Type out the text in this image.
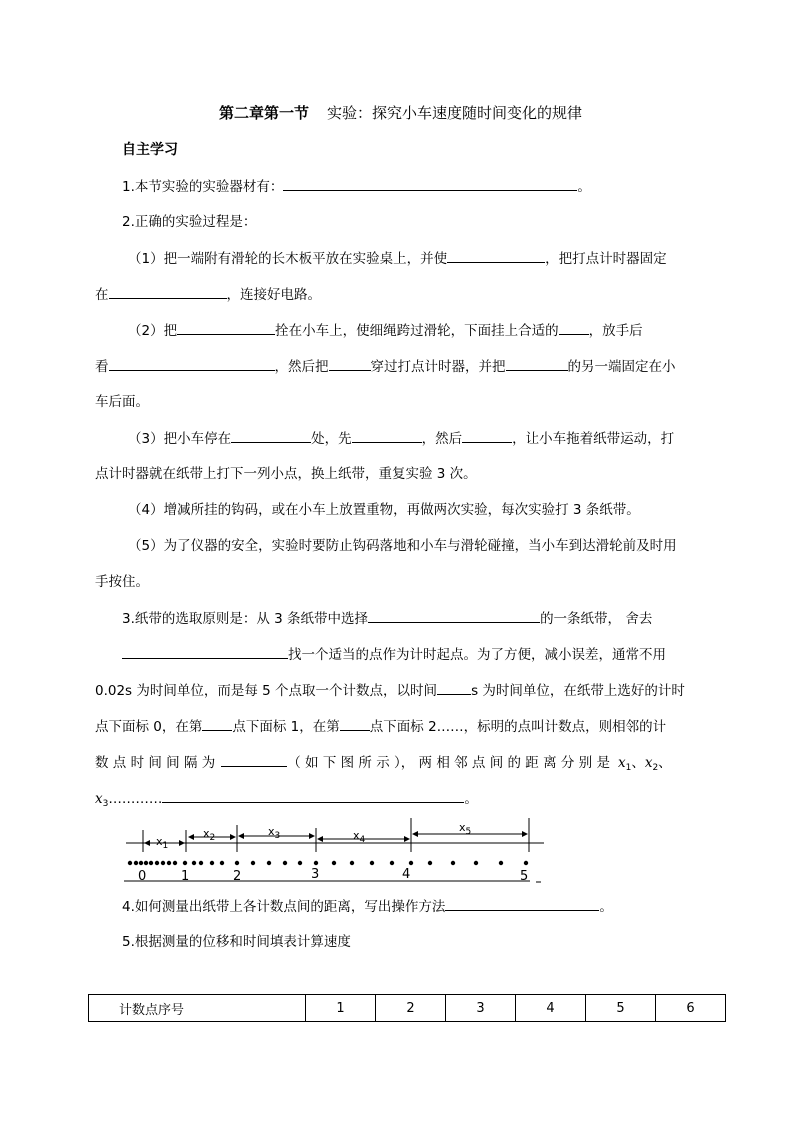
第二章第一节 实验：探究小车速度随时间变化的规律
自主学习
1.本节实验的实验器材有：	。
2.正确的实验过程是：
（1）把一端附有滑轮的长木板平放在实验桌上，并使	，把打点计时器固定
在	，连接好电路。
（2）把	拴在小车上，使细绳跨过滑轮，下面挂上合适的 ，放手后
看	，然后把	穿过打点计时器，并把	的另一端固定在小
车后面。
（3）把小车停在	处，先	，然后	，让小车拖着纸带运动，打
点计时器就在纸带上打下一列小点，换上纸带，重复实验 3 次。
（4）增减所挂的钩码，或在小车上放置重物，再做两次实验，每次实验打 3 条纸带。
（5）为了仪器的安全，实验时要防止钩码落地和小车与滑轮碰撞，当小车到达滑轮前及时用
手按住。
3.纸带的选取原则是：从 3 条纸带中选择	的一条纸带， 舍去
找一个适当的点作为计时起点。为了方便，减小误差，通常不用
0.02s 为时间单位，而是每 5 个点取一个计数点，以时间	s 为时间单位，在纸带上选好的计时
点下面标 0，在第 点下面标 1，在第 点下面标 2……，标明的点叫计数点，则相邻的计
数 点 时 间 间 隔 为	（ 如 下 图 所 示 ）， 两 相 邻 点 间 的 距 离 分 别 是 $x_1$、$x_2$、
$x_3\dots\dots\dots\dots$	。
$x_1$
$x_2$	$x_3$	$x_4$
$x_5$
0	1	2	3	4	5
4.如何测量出纸带上各计数点间的距离，写出操作方法	。
5.根据测量的位移和时间填表计算速度
计数点序号	1	2	3	4	5	6
